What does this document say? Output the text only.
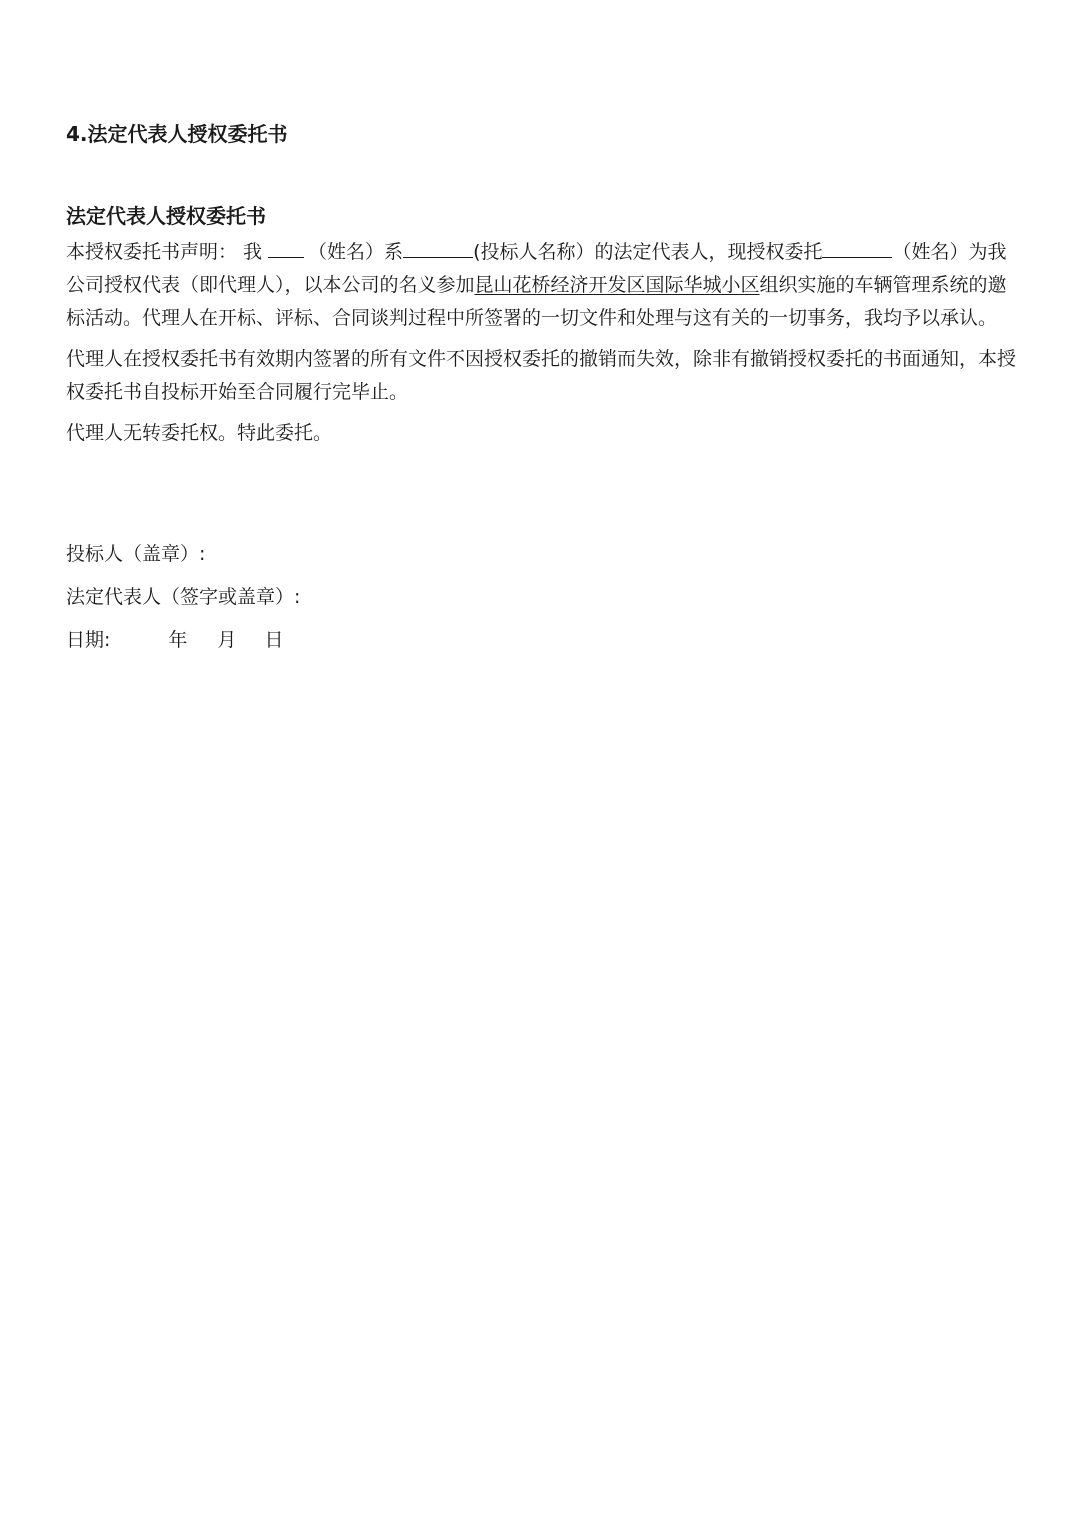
4.法定代表人授权委托书

法定代表人授权委托书

本授权委托书声明： 我 （姓名）系	(投标人名称）的法定代表人，现授权委托	（姓名）为我公司授权代表（即代理人），以本公司的名义参加昆山花桥经济开发区国际华城小区组织实施的车辆管理系统的邀标活动。代理人在开标、评标、合同谈判过程中所签署的一切文件和处理与这有关的一切事务，我均予以承认。

代理人在授权委托书有效期内签署的所有文件不因授权委托的撤销而失效，除非有撤销授权委托的书面通知，本授权委托书自投标开始至合同履行完毕止。

代理人无转委托权。特此委托。

投标人（盖章）:

法定代表人（签字或盖章）:

日期:	年 月 日
